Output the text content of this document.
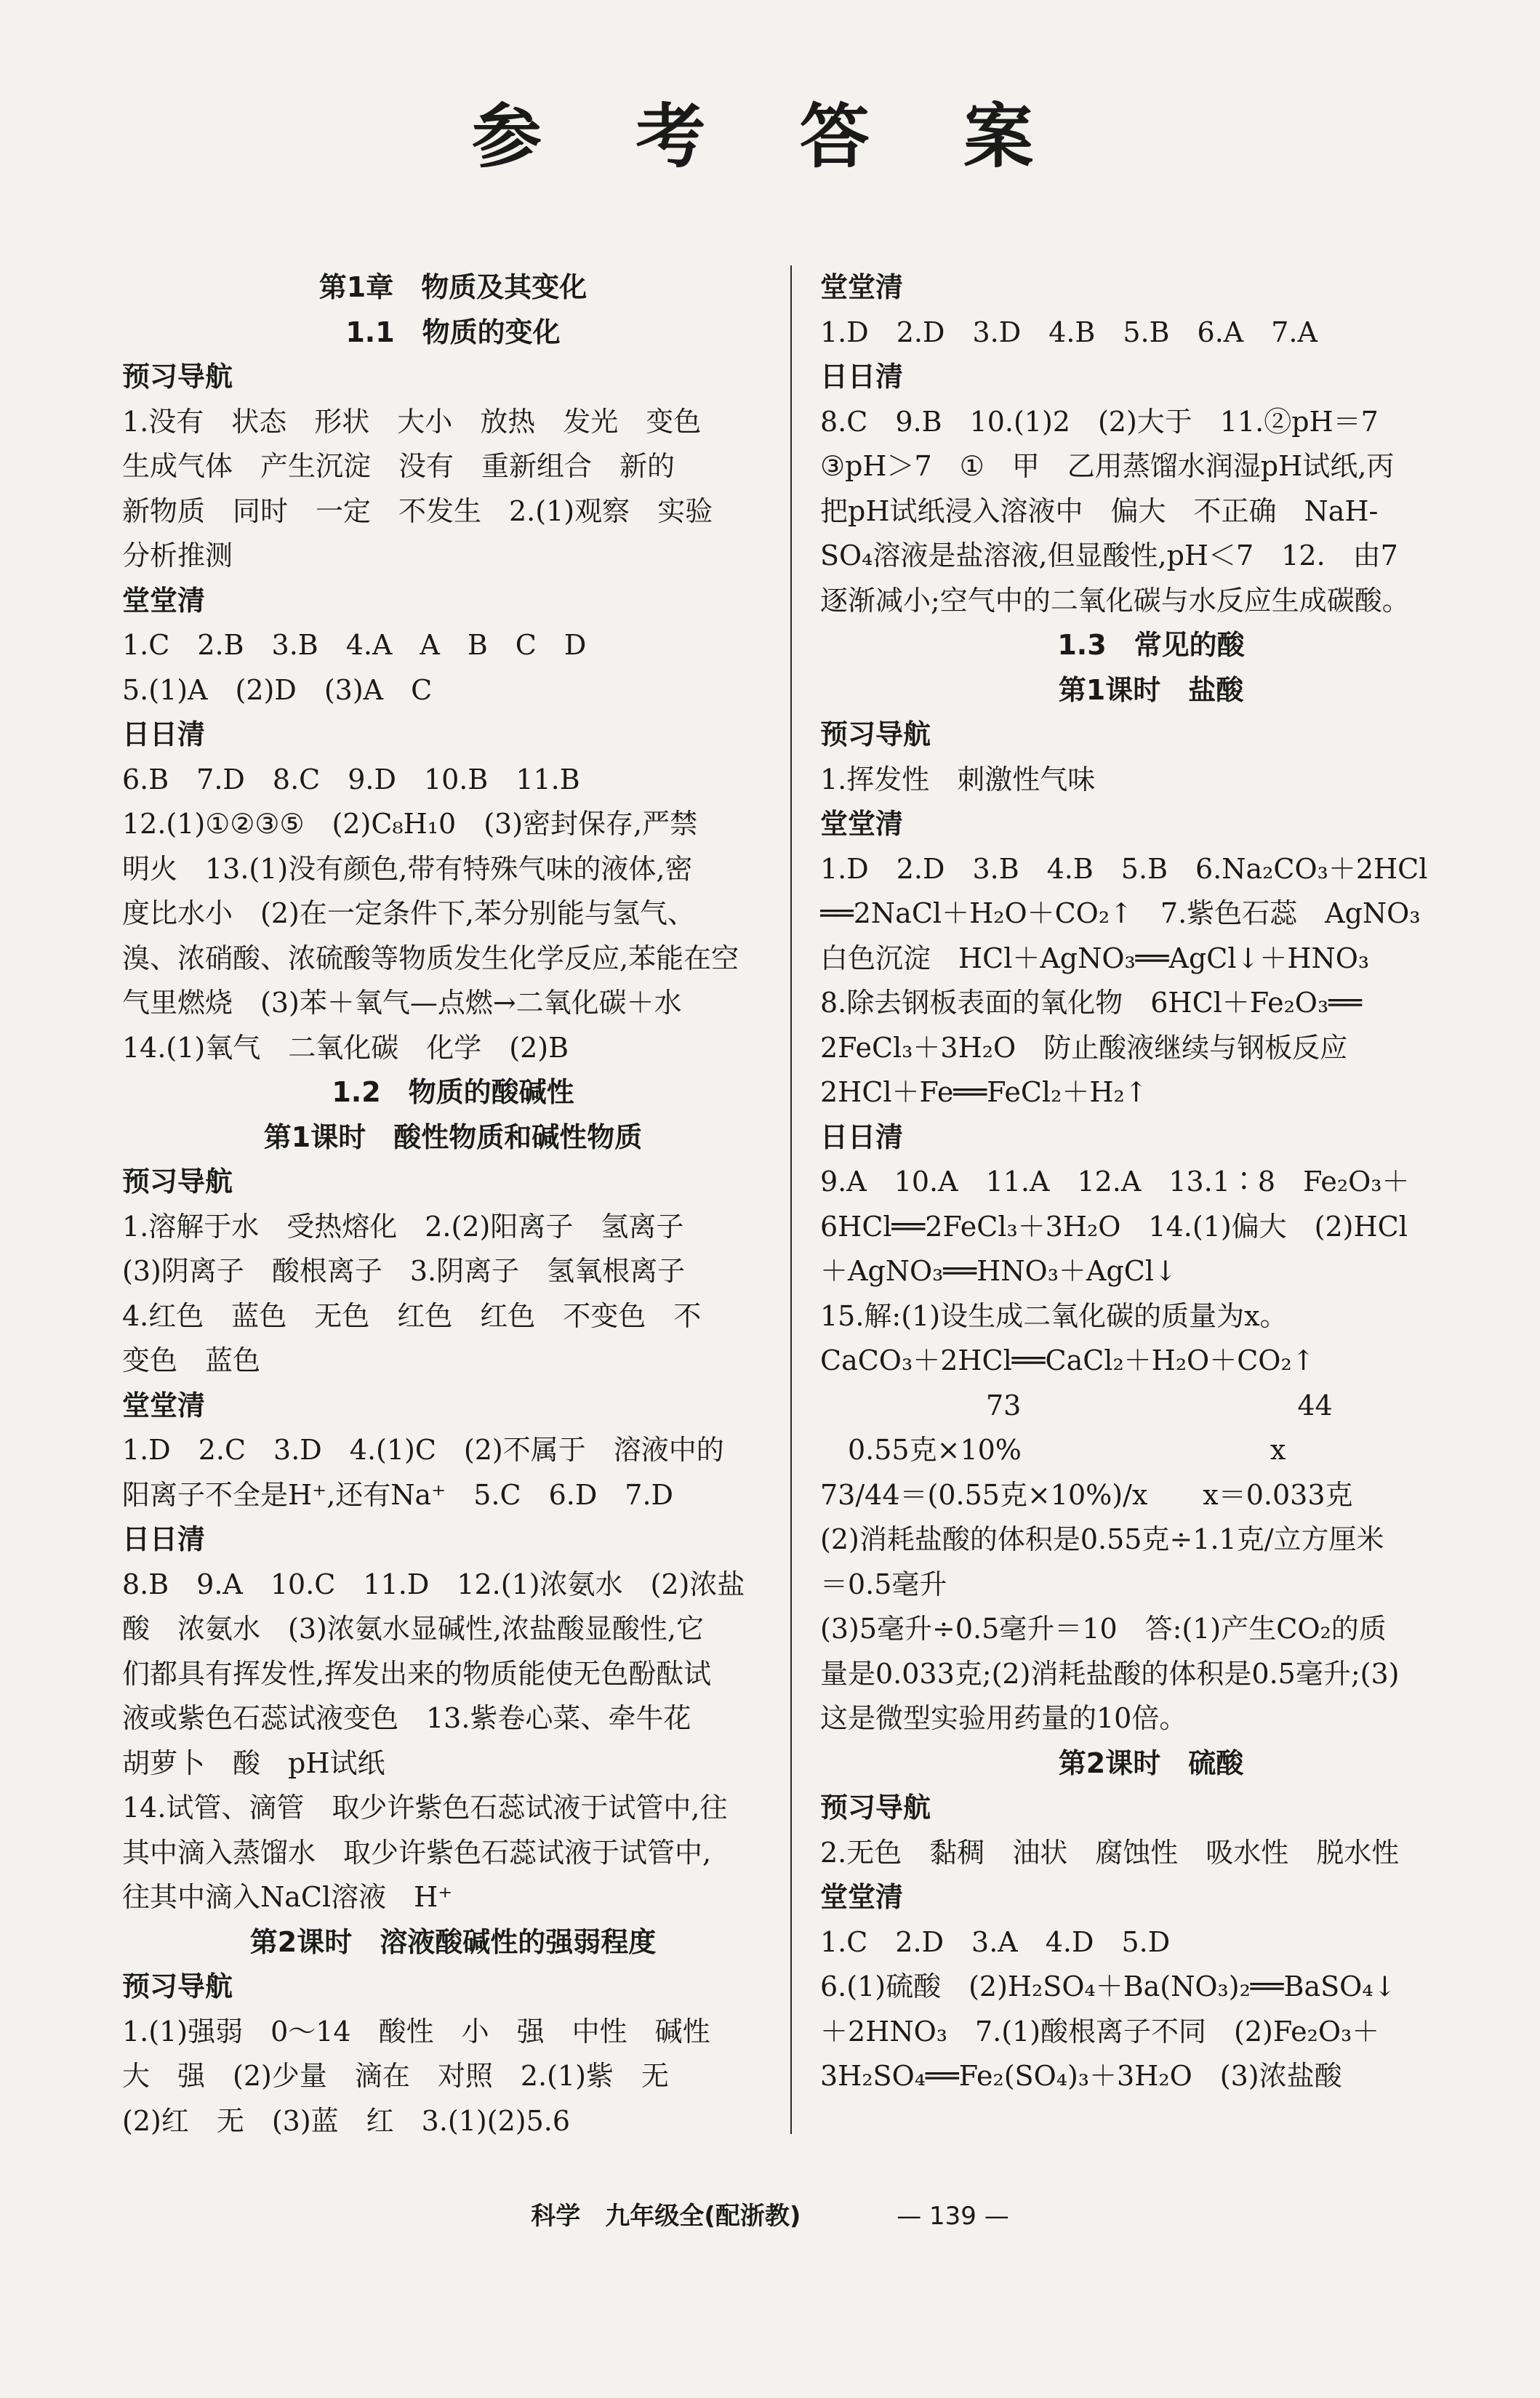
参 考 答 案
第1章　物质及其变化
1.1　物质的变化
预习导航
1.没有　状态　形状　大小　放热　发光　变色
生成气体　产生沉淀　没有　重新组合　新的
新物质　同时　一定　不发生　2.(1)观察　实验
分析推测
堂堂清
1.C　2.B　3.B　4.A　A　B　C　D
5.(1)A　(2)D　(3)A　C
日日清
6.B　7.D　8.C　9.D　10.B　11.B
12.(1)①②③⑤　(2)C₈H₁0　(3)密封保存,严禁
明火　13.(1)没有颜色,带有特殊气味的液体,密
度比水小　(2)在一定条件下,苯分别能与氢气、
溴、浓硝酸、浓硫酸等物质发生化学反应,苯能在空
气里燃烧　(3)苯＋氧气—点燃→二氧化碳＋水
14.(1)氧气　二氧化碳　化学　(2)B
1.2　物质的酸碱性
第1课时　酸性物质和碱性物质
预习导航
1.溶解于水　受热熔化　2.(2)阳离子　氢离子
(3)阴离子　酸根离子　3.阴离子　氢氧根离子
4.红色　蓝色　无色　红色　红色　不变色　不
变色　蓝色
堂堂清
1.D　2.C　3.D　4.(1)C　(2)不属于　溶液中的
阳离子不全是H⁺,还有Na⁺　5.C　6.D　7.D
日日清
8.B　9.A　10.C　11.D　12.(1)浓氨水　(2)浓盐
酸　浓氨水　(3)浓氨水显碱性,浓盐酸显酸性,它
们都具有挥发性,挥发出来的物质能使无色酚酞试
液或紫色石蕊试液变色　13.紫卷心菜、牵牛花
胡萝卜　酸　pH试纸
14.试管、滴管　取少许紫色石蕊试液于试管中,往
其中滴入蒸馏水　取少许紫色石蕊试液于试管中,
往其中滴入NaCl溶液　H⁺
第2课时　溶液酸碱性的强弱程度
预习导航
1.(1)强弱　0～14　酸性　小　强　中性　碱性
大　强　(2)少量　滴在　对照　2.(1)紫　无
(2)红　无　(3)蓝　红　3.(1)(2)5.6
堂堂清
1.D　2.D　3.D　4.B　5.B　6.A　7.A
日日清
8.C　9.B　10.(1)2　(2)大于　11.②pH＝7
③pH＞7　①　甲　乙用蒸馏水润湿pH试纸,丙
把pH试纸浸入溶液中　偏大　不正确　NaH-
SO₄溶液是盐溶液,但显酸性,pH＜7　12.　由7
逐渐减小;空气中的二氧化碳与水反应生成碳酸。
1.3　常见的酸
第1课时　盐酸
预习导航
1.挥发性　刺激性气味
堂堂清
1.D　2.D　3.B　4.B　5.B　6.Na₂CO₃＋2HCl
══2NaCl＋H₂O＋CO₂↑　7.紫色石蕊　AgNO₃
白色沉淀　HCl＋AgNO₃══AgCl↓＋HNO₃
8.除去钢板表面的氧化物　6HCl＋Fe₂O₃══
2FeCl₃＋3H₂O　防止酸液继续与钢板反应
2HCl＋Fe══FeCl₂＋H₂↑
日日清
9.A　10.A　11.A　12.A　13.1∶8　Fe₂O₃＋
6HCl══2FeCl₃＋3H₂O　14.(1)偏大　(2)HCl
＋AgNO₃══HNO₃＋AgCl↓
15.解:(1)设生成二氧化碳的质量为x。
CaCO₃＋2HCl══CaCl₂＋H₂O＋CO₂↑
　　　　　　73　　　　　　　　　　44
　0.55克×10%　　　　　　　　　x
73/44＝(0.55克×10%)/x　　x＝0.033克
(2)消耗盐酸的体积是0.55克÷1.1克/立方厘米
＝0.5毫升
(3)5毫升÷0.5毫升＝10　答:(1)产生CO₂的质
量是0.033克;(2)消耗盐酸的体积是0.5毫升;(3)
这是微型实验用药量的10倍。
第2课时　硫酸
预习导航
2.无色　黏稠　油状　腐蚀性　吸水性　脱水性
堂堂清
1.C　2.D　3.A　4.D　5.D
6.(1)硫酸　(2)H₂SO₄＋Ba(NO₃)₂══BaSO₄↓
＋2HNO₃　7.(1)酸根离子不同　(2)Fe₂O₃＋
3H₂SO₄══Fe₂(SO₄)₃＋3H₂O　(3)浓盐酸
科学　九年级全(配浙教)	— 139 —
